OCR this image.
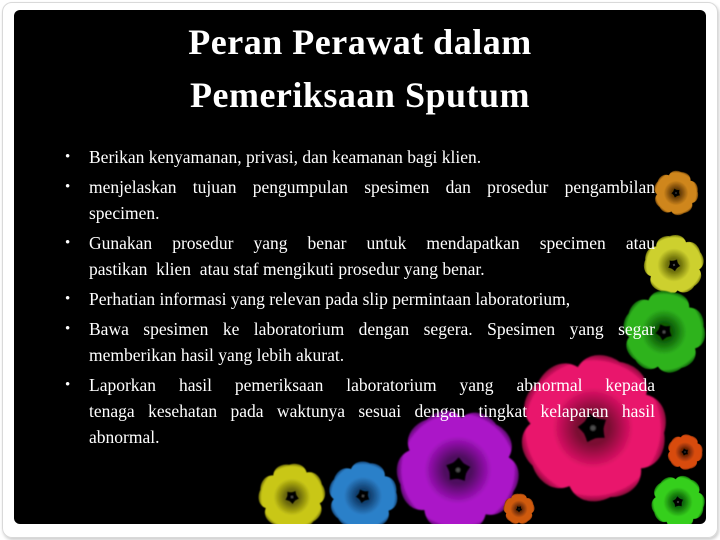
Peran Perawat dalam
Pemeriksaan Sputum
• Berikan kenyamanan, privasi, dan keamanan bagi klien.
• menjelaskan tujuan pengumpulan spesimen dan prosedur pengambilan
specimen.
• Gunakan prosedur yang benar untuk mendapatkan specimen atau
pastikan  klien  atau staf mengikuti prosedur yang benar.
• Perhatian informasi yang relevan pada slip permintaan laboratorium,
• Bawa spesimen ke laboratorium dengan segera. Spesimen yang segar
memberikan hasil yang lebih akurat.
• Laporkan hasil pemeriksaan laboratorium yang abnormal kepada
tenaga kesehatan pada waktunya sesuai dengan tingkat kelaparan hasil
abnormal.
